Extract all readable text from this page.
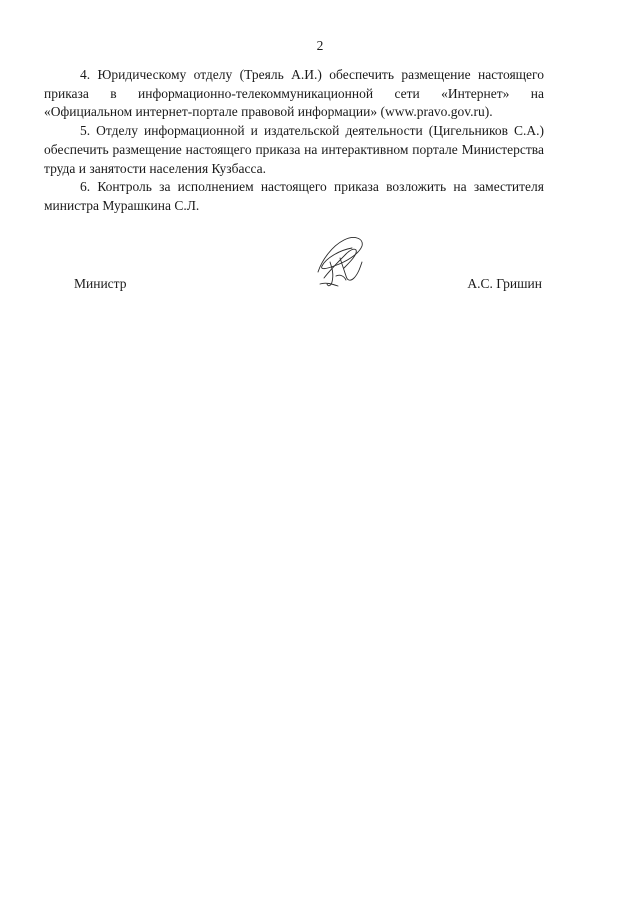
2

4. Юридическому отделу (Треяль А.И.) обеспечить размещение настоящего приказа в информационно-телекоммуникационной сети «Интернет» на «Официальном интернет-портале правовой информации» (www.pravo.gov.ru).

5. Отделу информационной и издательской деятельности (Цигельников С.А.) обеспечить размещение настоящего приказа на интерактивном портале Министерства труда и занятости населения Кузбасса.

6. Контроль за исполнением настоящего приказа возложить на заместителя министра Мурашкина С.Л.

Министр	А.С. Гришин
